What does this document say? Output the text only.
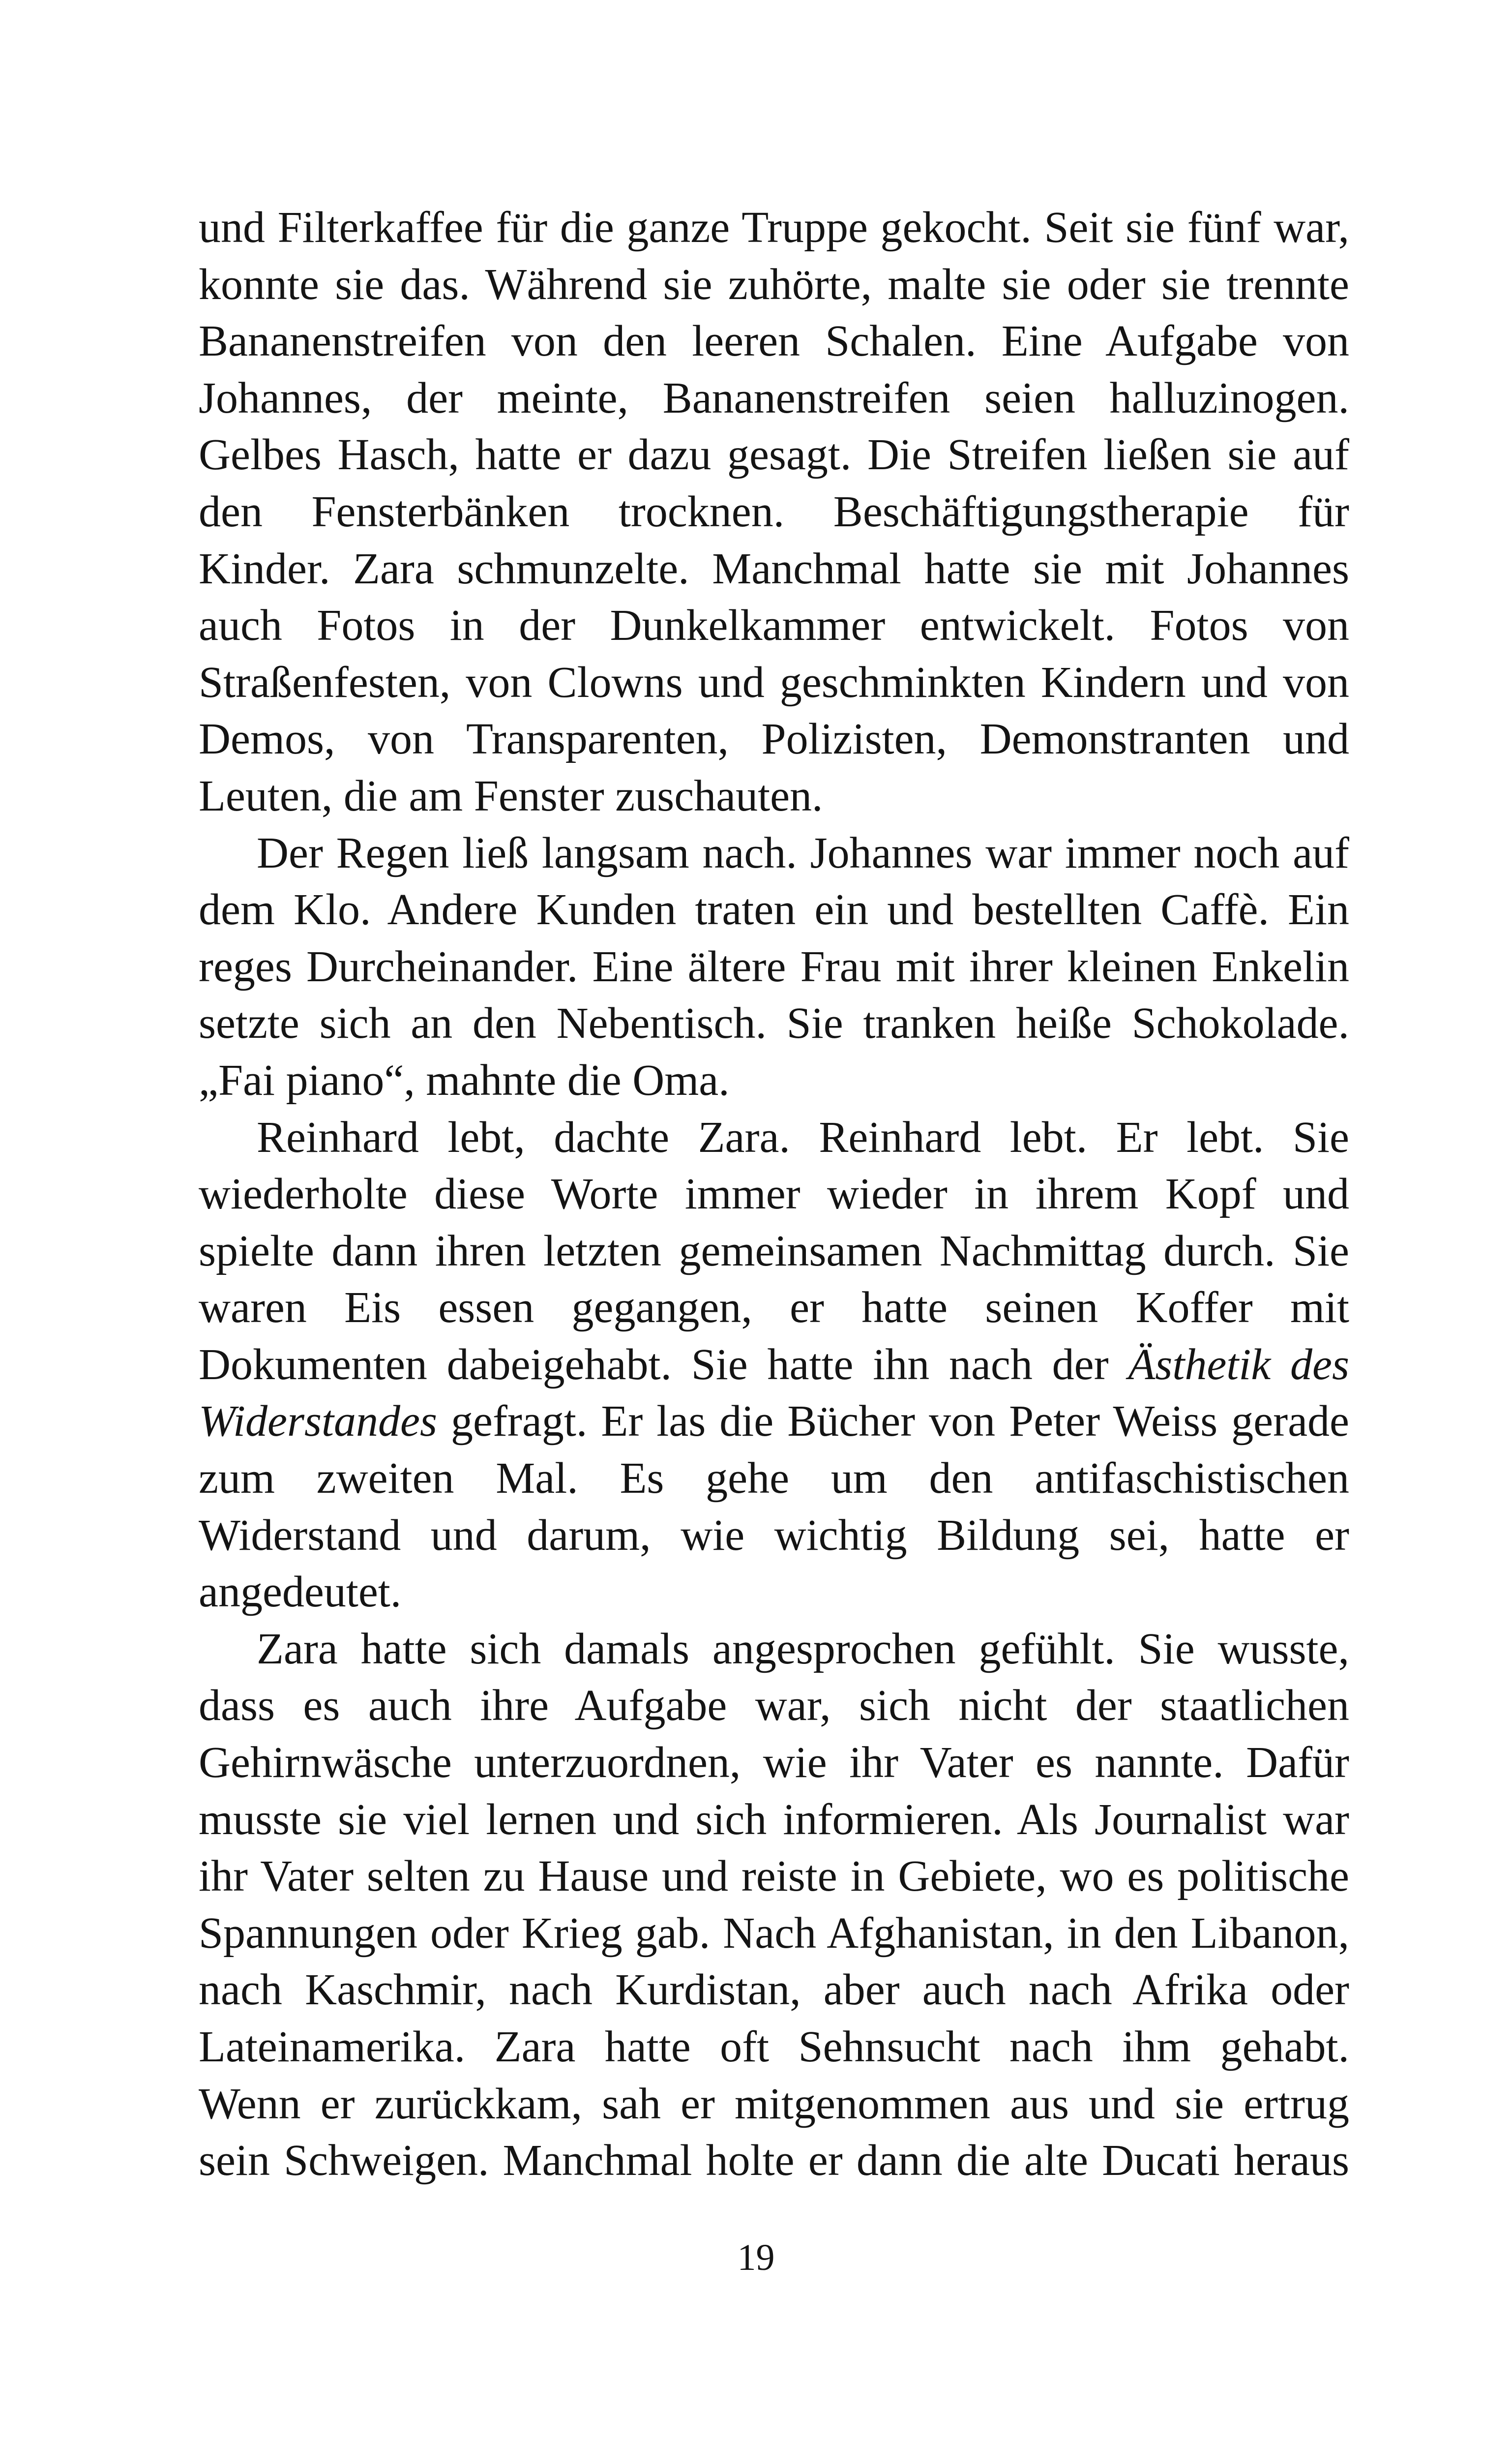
und Filterkaffee für die ganze Truppe gekocht. Seit sie fünf war,
konnte sie das. Während sie zuhörte, malte sie oder sie trennte
Bananenstreifen von den leeren Schalen. Eine Aufgabe von
Johannes, der meinte, Bananenstreifen seien halluzinogen.
Gelbes Hasch, hatte er dazu gesagt. Die Streifen ließen sie auf
den Fensterbänken trocknen. Beschäftigungstherapie für
Kinder. Zara schmunzelte. Manchmal hatte sie mit Johannes
auch Fotos in der Dunkelkammer entwickelt. Fotos von
Straßenfesten, von Clowns und geschminkten Kindern und von
Demos, von Transparenten, Polizisten, Demonstranten und
Leuten, die am Fenster zuschauten.
Der Regen ließ langsam nach. Johannes war immer noch auf
dem Klo. Andere Kunden traten ein und bestellten Caffè. Ein
reges Durcheinander. Eine ältere Frau mit ihrer kleinen Enkelin
setzte sich an den Nebentisch. Sie tranken heiße Schokolade.
„Fai piano“, mahnte die Oma.
Reinhard lebt, dachte Zara. Reinhard lebt. Er lebt. Sie
wiederholte diese Worte immer wieder in ihrem Kopf und
spielte dann ihren letzten gemeinsamen Nachmittag durch. Sie
waren Eis essen gegangen, er hatte seinen Koffer mit
Dokumenten dabeigehabt. Sie hatte ihn nach der Ästhetik des
Widerstandes gefragt. Er las die Bücher von Peter Weiss gerade
zum zweiten Mal. Es gehe um den antifaschistischen
Widerstand und darum, wie wichtig Bildung sei, hatte er
angedeutet.
Zara hatte sich damals angesprochen gefühlt. Sie wusste,
dass es auch ihre Aufgabe war, sich nicht der staatlichen
Gehirnwäsche unterzuordnen, wie ihr Vater es nannte. Dafür
musste sie viel lernen und sich informieren. Als Journalist war
ihr Vater selten zu Hause und reiste in Gebiete, wo es politische
Spannungen oder Krieg gab. Nach Afghanistan, in den Libanon,
nach Kaschmir, nach Kurdistan, aber auch nach Afrika oder
Lateinamerika. Zara hatte oft Sehnsucht nach ihm gehabt.
Wenn er zurückkam, sah er mitgenommen aus und sie ertrug
sein Schweigen. Manchmal holte er dann die alte Ducati heraus
19
